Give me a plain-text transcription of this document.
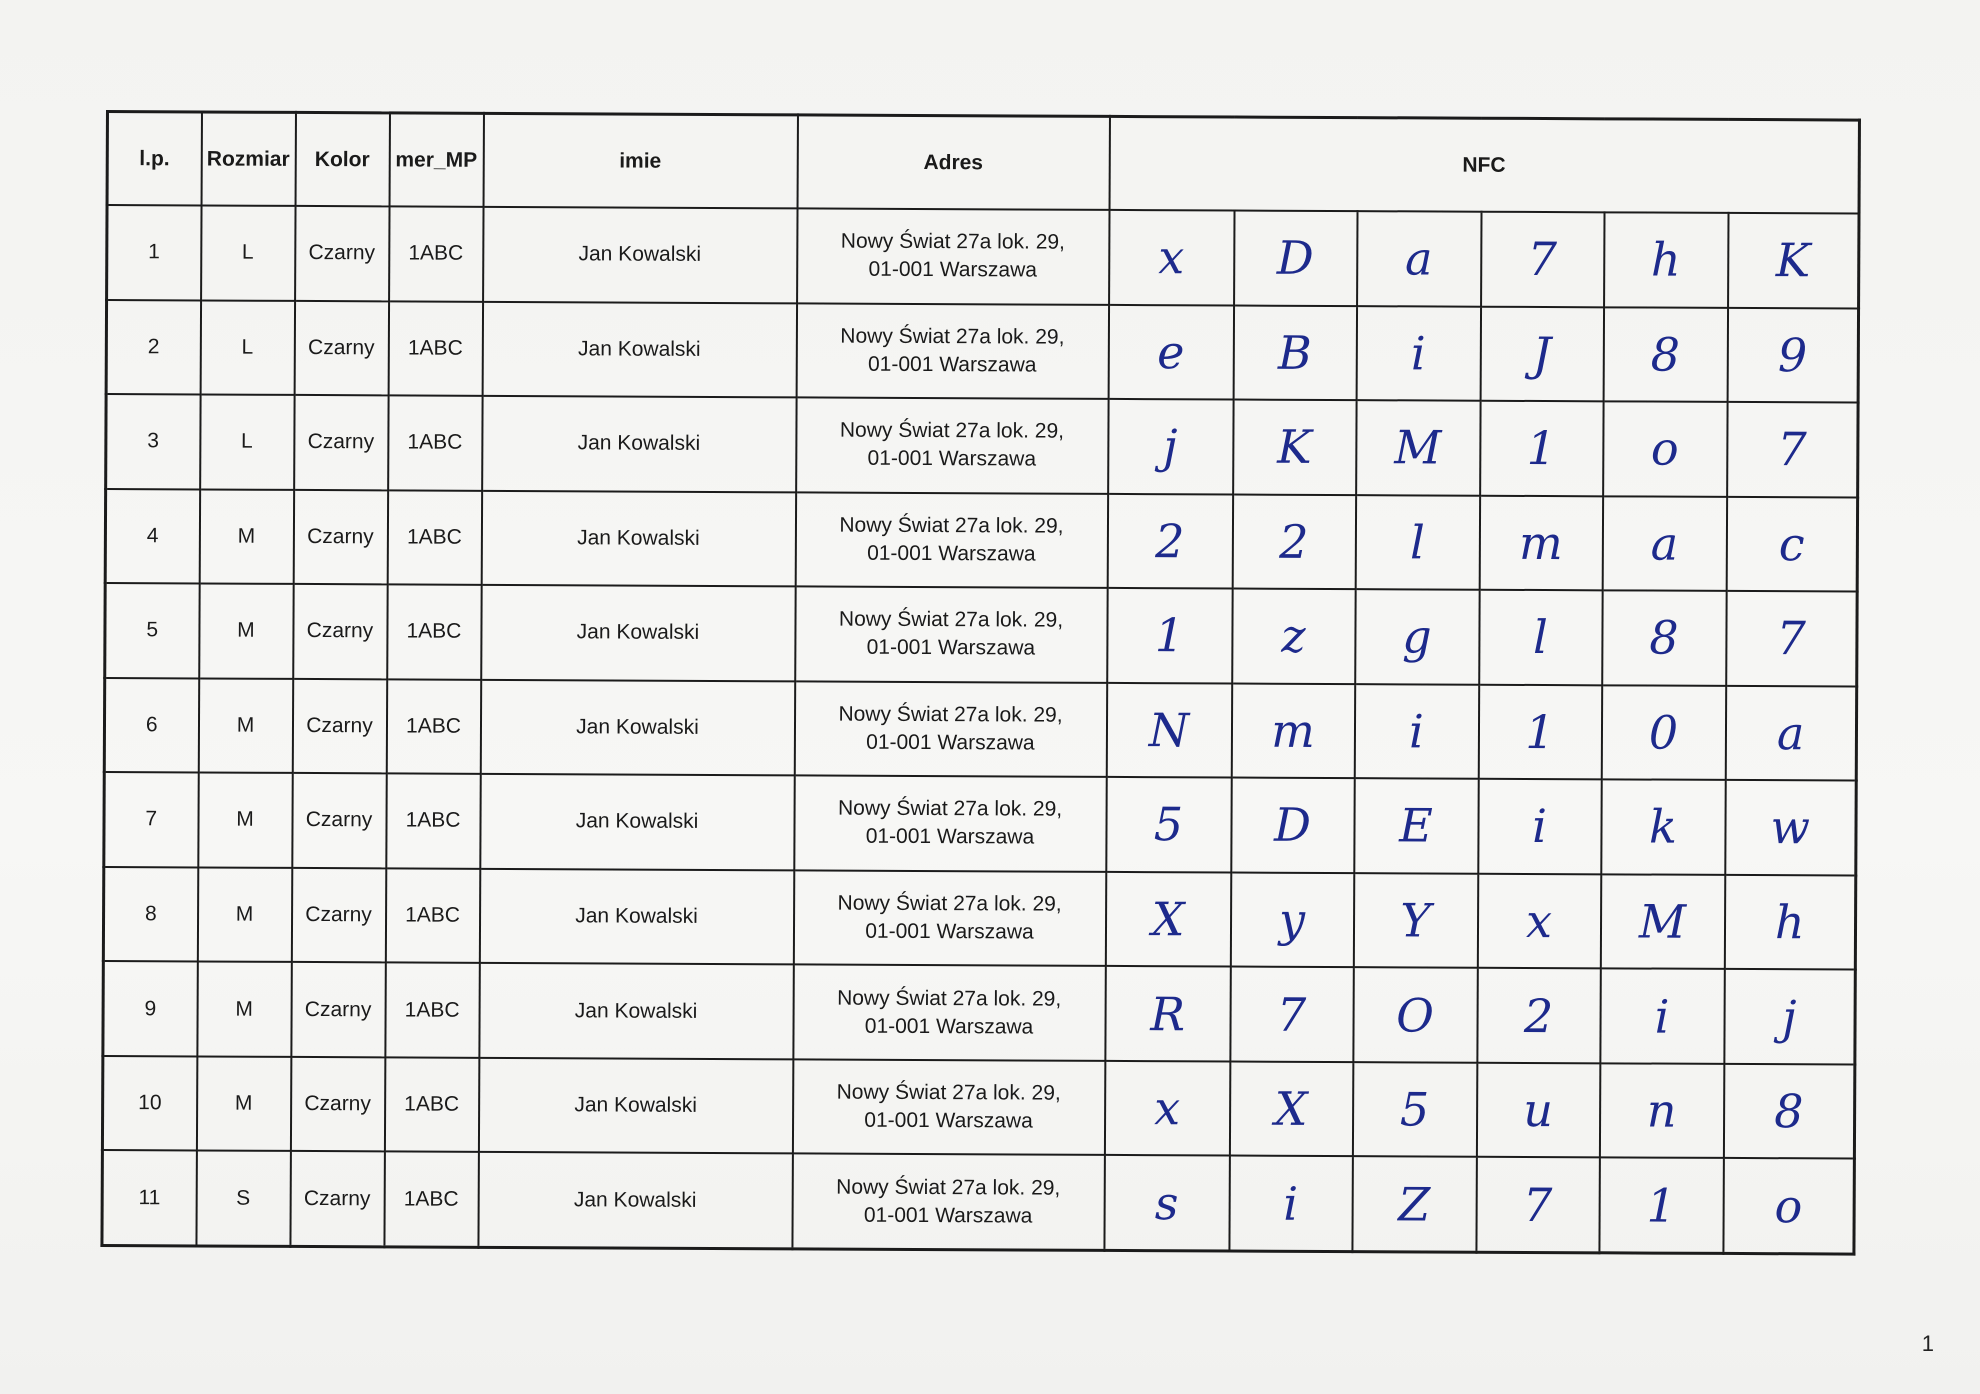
l.p.	Rozmiar	Kolor	mer_MP	imie	Adres	NFC					
1	L	Czarny	1ABC	Jan Kowalski	Nowy Świat 27a lok. 29,
01-001 Warszawa	x	D	a	7	h	K
2	L	Czarny	1ABC	Jan Kowalski	Nowy Świat 27a lok. 29,
01-001 Warszawa	e	B	i	J	8	9
3	L	Czarny	1ABC	Jan Kowalski	Nowy Świat 27a lok. 29,
01-001 Warszawa	j	K	M	1	o	7
4	M	Czarny	1ABC	Jan Kowalski	Nowy Świat 27a lok. 29,
01-001 Warszawa	2	2	l	m	a	c
5	M	Czarny	1ABC	Jan Kowalski	Nowy Świat 27a lok. 29,
01-001 Warszawa	1	z	g	l	8	7
6	M	Czarny	1ABC	Jan Kowalski	Nowy Świat 27a lok. 29,
01-001 Warszawa	N	m	i	1	0	a
7	M	Czarny	1ABC	Jan Kowalski	Nowy Świat 27a lok. 29,
01-001 Warszawa	5	D	E	i	k	w
8	M	Czarny	1ABC	Jan Kowalski	Nowy Świat 27a lok. 29,
01-001 Warszawa	X	y	Y	x	M	h
9	M	Czarny	1ABC	Jan Kowalski	Nowy Świat 27a lok. 29,
01-001 Warszawa	R	7	O	2	i	j
10	M	Czarny	1ABC	Jan Kowalski	Nowy Świat 27a lok. 29,
01-001 Warszawa	x	X	5	u	n	8
11	S	Czarny	1ABC	Jan Kowalski	Nowy Świat 27a lok. 29,
01-001 Warszawa	s	i	Z	7	1	o
1
